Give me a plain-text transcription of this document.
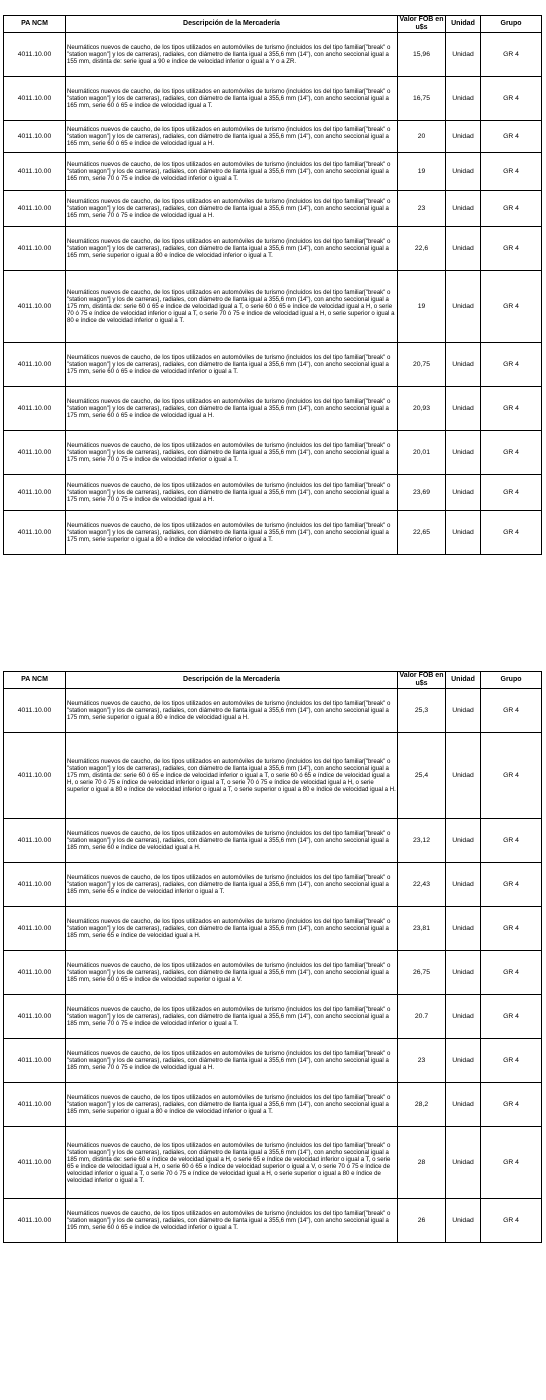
PA NCM	Descripción de la Mercadería	Valor FOB en u$s	Unidad	Grupo
4011.10.00	Neumáticos nuevos de caucho, de los tipos utilizados en automóviles de turismo (incluidos los del tipo familiar["break" o "station wagon"] y los de carreras), radiales, con diámetro de llanta igual a 355,6 mm (14"), con ancho seccional igual a 155 mm, distinta de: serie igual a 90 e índice de velocidad inferior o igual a Y o a ZR.	15,96	Unidad	GR 4
4011.10.00	Neumáticos nuevos de caucho, de los tipos utilizados en automóviles de turismo (incluidos los del tipo familiar["break" o "station wagon"] y los de carreras), radiales, con diámetro de llanta igual a 355,6 mm (14"), con ancho seccional igual a 165 mm, serie 60 ó 65 e índice de velocidad igual a T.	16,75	Unidad	GR 4
4011.10.00	Neumáticos nuevos de caucho, de los tipos utilizados en automóviles de turismo (incluidos los del tipo familiar["break" o "station wagon"] y los de carreras), radiales, con diámetro de llanta igual a 355,6 mm (14"), con ancho seccional igual a 165 mm, serie 60 ó 65 e índice de velocidad igual a H.	20	Unidad	GR 4
4011.10.00	Neumáticos nuevos de caucho, de los tipos utilizados en automóviles de turismo (incluidos los del tipo familiar["break" o "station wagon"] y los de carreras), radiales, con diámetro de llanta igual a 355,6 mm (14"), con ancho seccional igual a 165 mm, serie 70 ó 75 e índice de velocidad inferior o igual a T.	19	Unidad	GR 4
4011.10.00	Neumáticos nuevos de caucho, de los tipos utilizados en automóviles de turismo (incluidos los del tipo familiar["break" o "station wagon"] y los de carreras), radiales, con diámetro de llanta igual a 355,6 mm (14"), con ancho seccional igual a 165 mm, serie 70 ó 75 e índice de velocidad igual a H.	23	Unidad	GR 4
4011.10.00	Neumáticos nuevos de caucho, de los tipos utilizados en automóviles de turismo (incluidos los del tipo familiar["break" o "station wagon"] y los de carreras), radiales, con diámetro de llanta igual a 355,6 mm (14"), con ancho seccional igual a 165 mm, serie superior o igual a 80 e índice de velocidad inferior o igual a T.	22,6	Unidad	GR 4
4011.10.00	Neumáticos nuevos de caucho, de los tipos utilizados en automóviles de turismo (incluidos los del tipo familiar["break" o "station wagon"] y los de carreras), radiales, con diámetro de llanta igual a 355,6 mm (14"), con ancho seccional igual a 175 mm, distinta de: serie 60 ó 65 e índice de velocidad igual a T, o serie 60 ó 65 e índice de velocidad igual a H, o serie 70 ó 75 e índice de velocidad inferior o igual a T, o serie 70 ó 75 e índice de velocidad igual a H, o serie superior o igual a 80 e índice de velocidad inferior o igual a T.	19	Unidad	GR 4
4011.10.00	Neumáticos nuevos de caucho, de los tipos utilizados en automóviles de turismo (incluidos los del tipo familiar["break" o "station wagon"] y los de carreras), radiales, con diámetro de llanta igual a 355,6 mm (14"), con ancho seccional igual a 175 mm, serie 60 ó 65 e índice de velocidad inferior o igual a T.	20,75	Unidad	GR 4
4011.10.00	Neumáticos nuevos de caucho, de los tipos utilizados en automóviles de turismo (incluidos los del tipo familiar["break" o "station wagon"] y los de carreras), radiales, con diámetro de llanta igual a 355,6 mm (14"), con ancho seccional igual a 175 mm, serie 60 ó 65 e índice de velocidad igual a H.	20,93	Unidad	GR 4
4011.10.00	Neumáticos nuevos de caucho, de los tipos utilizados en automóviles de turismo (incluidos los del tipo familiar["break" o "station wagon"] y los de carreras), radiales, con diámetro de llanta igual a 355,6 mm (14"), con ancho seccional igual a 175 mm, serie 70 ó 75 e índice de velocidad inferior o igual a T.	20,01	Unidad	GR 4
4011.10.00	Neumáticos nuevos de caucho, de los tipos utilizados en automóviles de turismo (incluidos los del tipo familiar["break" o "station wagon"] y los de carreras), radiales, con diámetro de llanta igual a 355,6 mm (14"), con ancho seccional igual a 175 mm, serie 70 ó 75 e índice de velocidad igual a H.	23,69	Unidad	GR 4
4011.10.00	Neumáticos nuevos de caucho, de los tipos utilizados en automóviles de turismo (incluidos los del tipo familiar["break" o "station wagon"] y los de carreras), radiales, con diámetro de llanta igual a 355,6 mm (14"), con ancho seccional igual a 175 mm, serie superior o igual a 80 e índice de velocidad inferior o igual a T.	22,65	Unidad	GR 4
PA NCM	Descripción de la Mercadería	Valor FOB en u$s	Unidad	Grupo
4011.10.00	Neumáticos nuevos de caucho, de los tipos utilizados en automóviles de turismo (incluidos los del tipo familiar["break" o "station wagon"] y los de carreras), radiales, con diámetro de llanta igual a 355,6 mm (14"), con ancho seccional igual a 175 mm, serie superior o igual a 80 e índice de velocidad igual a H.	25,3	Unidad	GR 4
4011.10.00	Neumáticos nuevos de caucho, de los tipos utilizados en automóviles de turismo (incluidos los del tipo familiar["break" o "station wagon"] y los de carreras), radiales, con diámetro de llanta igual a 355,6 mm (14"), con ancho seccional igual a 175 mm, distinta de: serie 60 ó 65 e índice de velocidad inferior o igual a T, o serie 60 ó 65 e índice de velocidad igual a H, o serie 70 ó 75 e índice de velocidad inferior o igual a T, o serie 70 ó 75 e índice de velocidad igual a H, o serie superior o igual a 80 e índice de velocidad inferior o igual a T, o serie superior o igual a 80 e índice de velocidad igual a H.	25,4	Unidad	GR 4
4011.10.00	Neumáticos nuevos de caucho, de los tipos utilizados en automóviles de turismo (incluidos los del tipo familiar["break" o "station wagon"] y los de carreras), radiales, con diámetro de llanta igual a 355,6 mm (14"), con ancho seccional igual a 185 mm, serie 60 e índice de velocidad igual a H.	23,12	Unidad	GR 4
4011.10.00	Neumáticos nuevos de caucho, de los tipos utilizados en automóviles de turismo (incluidos los del tipo familiar["break" o "station wagon"] y los de carreras), radiales, con diámetro de llanta igual a 355,6 mm (14"), con ancho seccional igual a 185 mm, serie 65 e índice de velocidad inferior o igual a T.	22,43	Unidad	GR 4
4011.10.00	Neumáticos nuevos de caucho, de los tipos utilizados en automóviles de turismo (incluidos los del tipo familiar["break" o "station wagon"] y los de carreras), radiales, con diámetro de llanta igual a 355,6 mm (14"), con ancho seccional igual a 185 mm, serie 65 e índice de velocidad igual a H.	23,81	Unidad	GR 4
4011.10.00	Neumáticos nuevos de caucho, de los tipos utilizados en automóviles de turismo (incluidos los del tipo familiar["break" o "station wagon"] y los de carreras), radiales, con diámetro de llanta igual a 355,6 mm (14"), con ancho seccional igual a 185 mm, serie 60 ó 65 e índice de velocidad superior o igual a V.	26,75	Unidad	GR 4
4011.10.00	Neumáticos nuevos de caucho, de los tipos utilizados en automóviles de turismo (incluidos los del tipo familiar["break" o "station wagon"] y los de carreras), radiales, con diámetro de llanta igual a 355,6 mm (14"), con ancho seccional igual a 185 mm, serie 70 ó 75 e índice de velocidad inferior o igual a T.	20.7	Unidad	GR 4
4011.10.00	Neumáticos nuevos de caucho, de los tipos utilizados en automóviles de turismo (incluidos los del tipo familiar["break" o "station wagon"] y los de carreras), radiales, con diámetro de llanta igual a 355,6 mm (14"), con ancho seccional igual a 185 mm, serie 70 ó 75 e índice de velocidad igual a H.	23	Unidad	GR 4
4011.10.00	Neumáticos nuevos de caucho, de los tipos utilizados en automóviles de turismo (incluidos los del tipo familiar["break" o "station wagon"] y los de carreras), radiales, con diámetro de llanta igual a 355,6 mm (14"), con ancho seccional igual a 185 mm, serie superior o igual a 80 e índice de velocidad inferior o igual a T.	28,2	Unidad	GR 4
4011.10.00	Neumáticos nuevos de caucho, de los tipos utilizados en automóviles de turismo (incluidos los del tipo familiar["break" o "station wagon"] y los de carreras), radiales, con diámetro de llanta igual a 355,6 mm (14"), con ancho seccional igual a 185 mm, distinta de: serie 60 e índice de velocidad igual a H, o serie 65 e índice de velocidad inferior o igual a T, o serie 65 e índice de velocidad igual a H, o serie 60 ó 65 e índice de velocidad superior o igual a V, o serie 70 ó 75 e índice de velocidad inferior o igual a T, o serie 70 ó 75 e índice de velocidad igual a H, o serie superior o igual a 80 e índice de velocidad inferior o igual a T.	28	Unidad	GR 4
4011.10.00	Neumáticos nuevos de caucho, de los tipos utilizados en automóviles de turismo (incluidos los del tipo familiar["break" o "station wagon"] y los de carreras), radiales, con diámetro de llanta igual a 355,6 mm (14"), con ancho seccional igual a 195 mm, serie 60 ó 65 e índice de velocidad inferior o igual a T.	26	Unidad	GR 4
